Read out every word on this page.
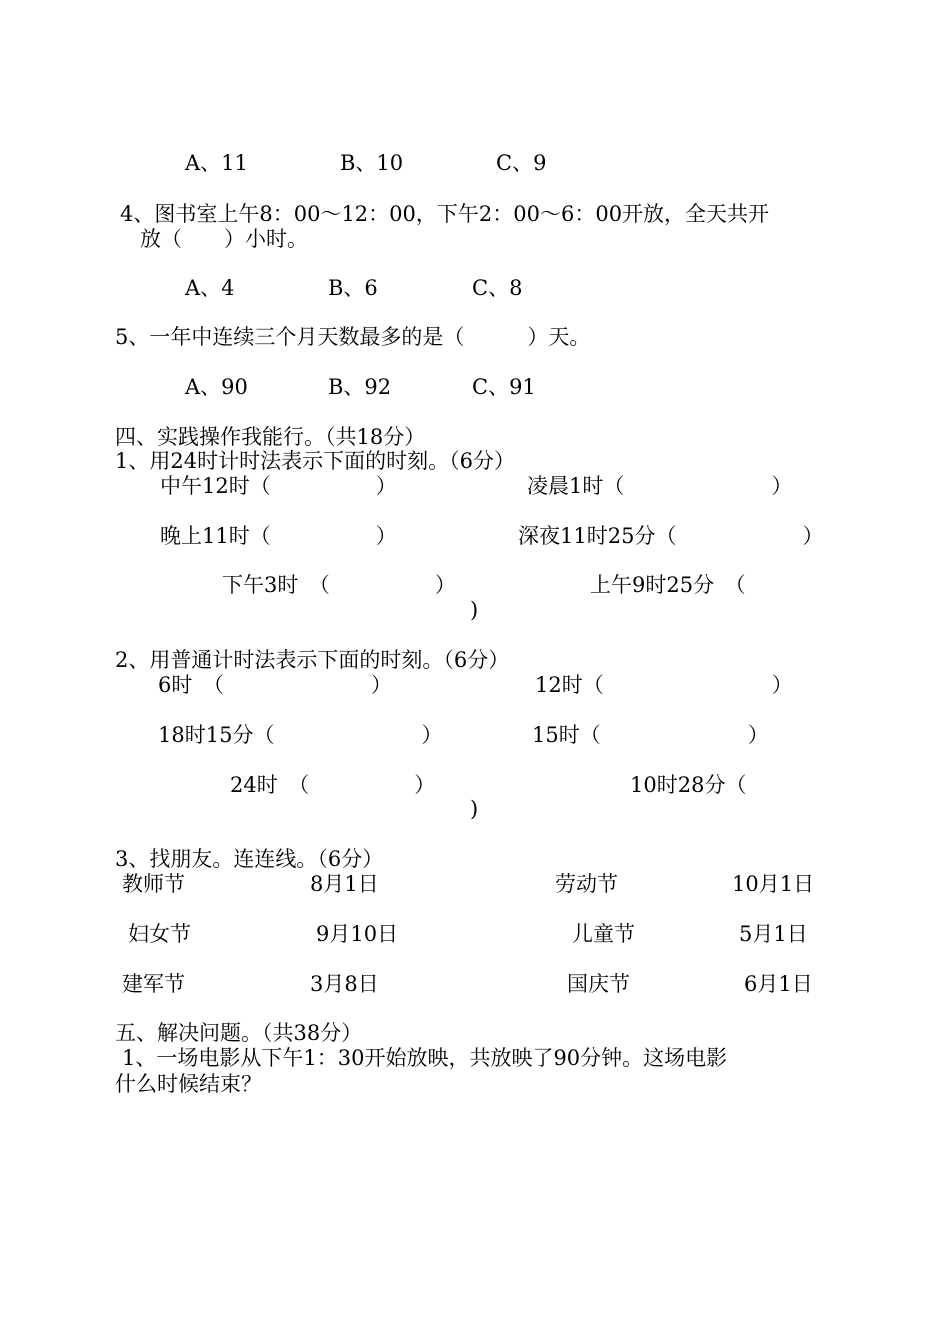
A、11	B、10	C、9
4、图书室上午8：00～12：00，下午2：00～6：00开放，全天共开
放（　　）小时。
A、4	B、6	C、8
5、一年中连续三个月天数最多的是（　　　）天。
A、90	B、92	C、91
四、实践操作我能行。（共18分）
1、用24时计时法表示下面的时刻。（6分）
中午12时（　　　　　）	凌晨1时（　　　　　　　）
晚上11时（　　　　　）	深夜11时25分（　　　　　　）
下午3时　（　　　　　）	上午9时25分　（
)
2、用普通计时法表示下面的时刻。（6分）
6时　（　　　　　　　）	12时（　　　　　　　　）
18时15分（　　　　　　　）	15时（　　　　　　　）
24时　（　　　　　）	10时28分（
)
3、找朋友。连连线。（6分）
教师节	8月1日	劳动节	10月1日
妇女节	9月10日	儿童节	5月1日
建军节	3月8日	国庆节	6月1日
五、解决问题。（共38分）
1、一场电影从下午1：30开始放映，共放映了90分钟。这场电影
什么时候结束？
